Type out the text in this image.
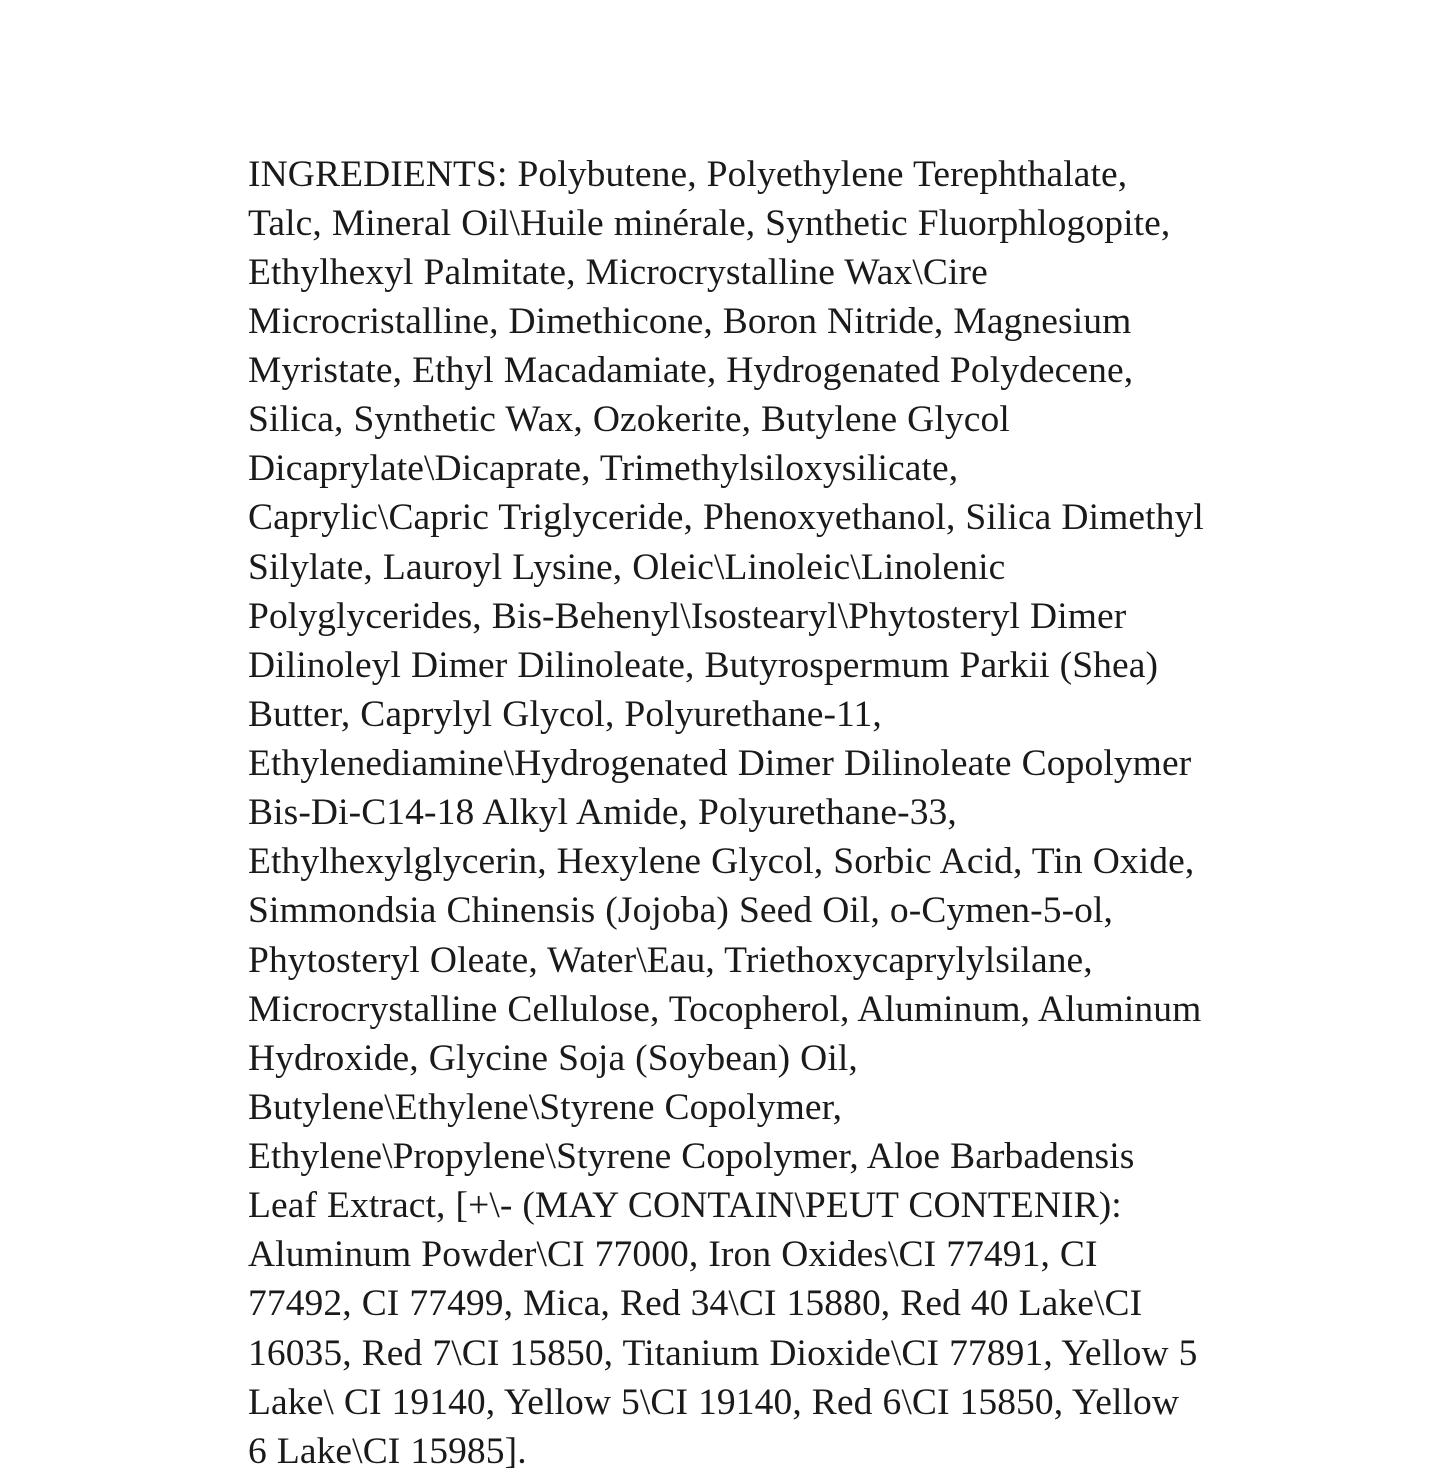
INGREDIENTS: Polybutene, Polyethylene Terephthalate, Talc, Mineral Oil\Huile minérale, Synthetic Fluorphlogopite, Ethylhexyl Palmitate, Microcrystalline Wax\Cire Microcristalline, Dimethicone, Boron Nitride, Magnesium Myristate, Ethyl Macadamiate, Hydrogenated Polydecene, Silica, Synthetic Wax, Ozokerite, Butylene Glycol Dicaprylate\Dicaprate, Trimethylsiloxysilicate, Caprylic\Capric Triglyceride, Phenoxyethanol, Silica Dimethyl Silylate, Lauroyl Lysine, Oleic\Linoleic\Linolenic Polyglycerides, Bis-Behenyl\Isostearyl\Phytosteryl Dimer Dilinoleyl Dimer Dilinoleate, Butyrospermum Parkii (Shea) Butter, Caprylyl Glycol, Polyurethane-11, Ethylenediamine\Hydrogenated Dimer Dilinoleate Copolymer Bis-Di-C14-18 Alkyl Amide, Polyurethane-33, Ethylhexylglycerin, Hexylene Glycol, Sorbic Acid, Tin Oxide, Simmondsia Chinensis (Jojoba) Seed Oil, o-Cymen-5-ol, Phytosteryl Oleate, Water\Eau, Triethoxycaprylylsilane, Microcrystalline Cellulose, Tocopherol, Aluminum, Aluminum Hydroxide, Glycine Soja (Soybean) Oil, Butylene\Ethylene\Styrene Copolymer, Ethylene\Propylene\Styrene Copolymer, Aloe Barbadensis Leaf Extract, [+\- (MAY CONTAIN\PEUT CONTENIR): Aluminum Powder\CI 77000, Iron Oxides\CI 77491, CI 77492, CI 77499, Mica, Red 34\CI 15880, Red 40 Lake\CI 16035, Red 7\CI 15850, Titanium Dioxide\CI 77891, Yellow 5 Lake\ CI 19140, Yellow 5\CI 19140, Red 6\CI 15850, Yellow 6 Lake\CI 15985].
